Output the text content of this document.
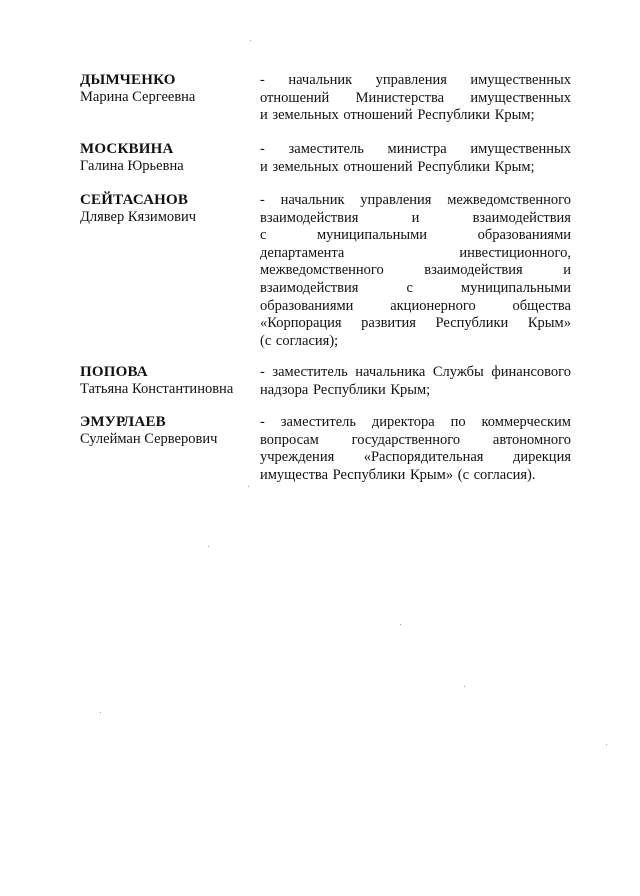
ДЫМЧЕНКО
Марина Сергеевна
- начальник управления имущественных
отношений Министерства имущественных
и земельных отношений Республики Крым;
МОСКВИНА
Галина Юрьевна
- заместитель министра имущественных
и земельных отношений Республики Крым;
СЕЙТАСАНОВ
Длявер Кязимович
- начальник управления межведомственного
взаимодействия	и	взаимодействия
с	муниципальными	образованиями
департамента	инвестиционного,
межведомственного	взаимодействия	и
взаимодействия	с	муниципальными
образованиями	акционерного	общества
«Корпорация развития Республики Крым»
(с согласия);
ПОПОВА
Татьяна Константиновна
- заместитель начальника Службы финансового
надзора Республики Крым;
ЭМУРЛАЕВ
Сулейман Серверович
- заместитель директора по коммерческим
вопросам государственного автономного
учреждения «Распорядительная дирекция
имущества Республики Крым» (с согласия).
